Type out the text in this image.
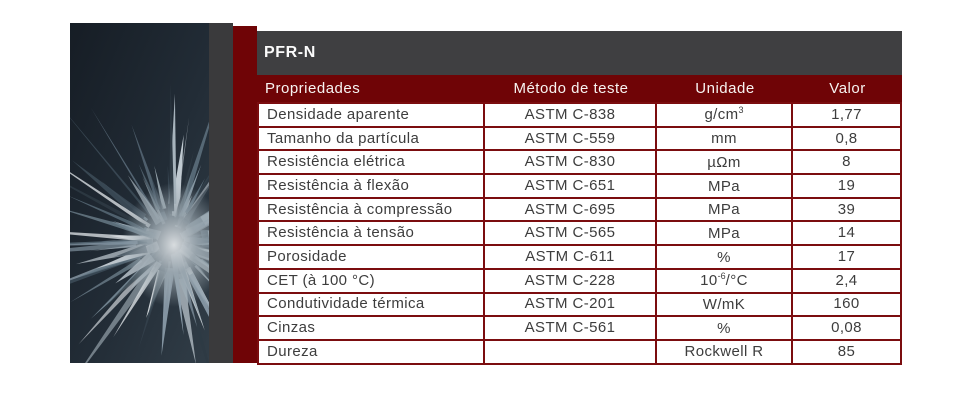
PFR-N
Propriedades	Método de teste	Unidade	Valor
Densidade aparente	ASTM C-838	$g/cm^3$	1,77
Tamanho da partícula	ASTM C-559	mm	0,8
Resistência elétrica	ASTM C-830	µΩm	8
Resistência à flexão	ASTM C-651	MPa	19
Resistência à compressão	ASTM C-695	MPa	39
Resistência à tensão	ASTM C-565	MPa	14
Porosidade	ASTM C-611	%	17
CET (à 100 °C)	ASTM C-228	$10^{-6}/^\circ C$	2,4
Condutividade térmica	ASTM C-201	W/mK	160
Cinzas	ASTM C-561	%	0,08
Dureza		Rockwell R	85
